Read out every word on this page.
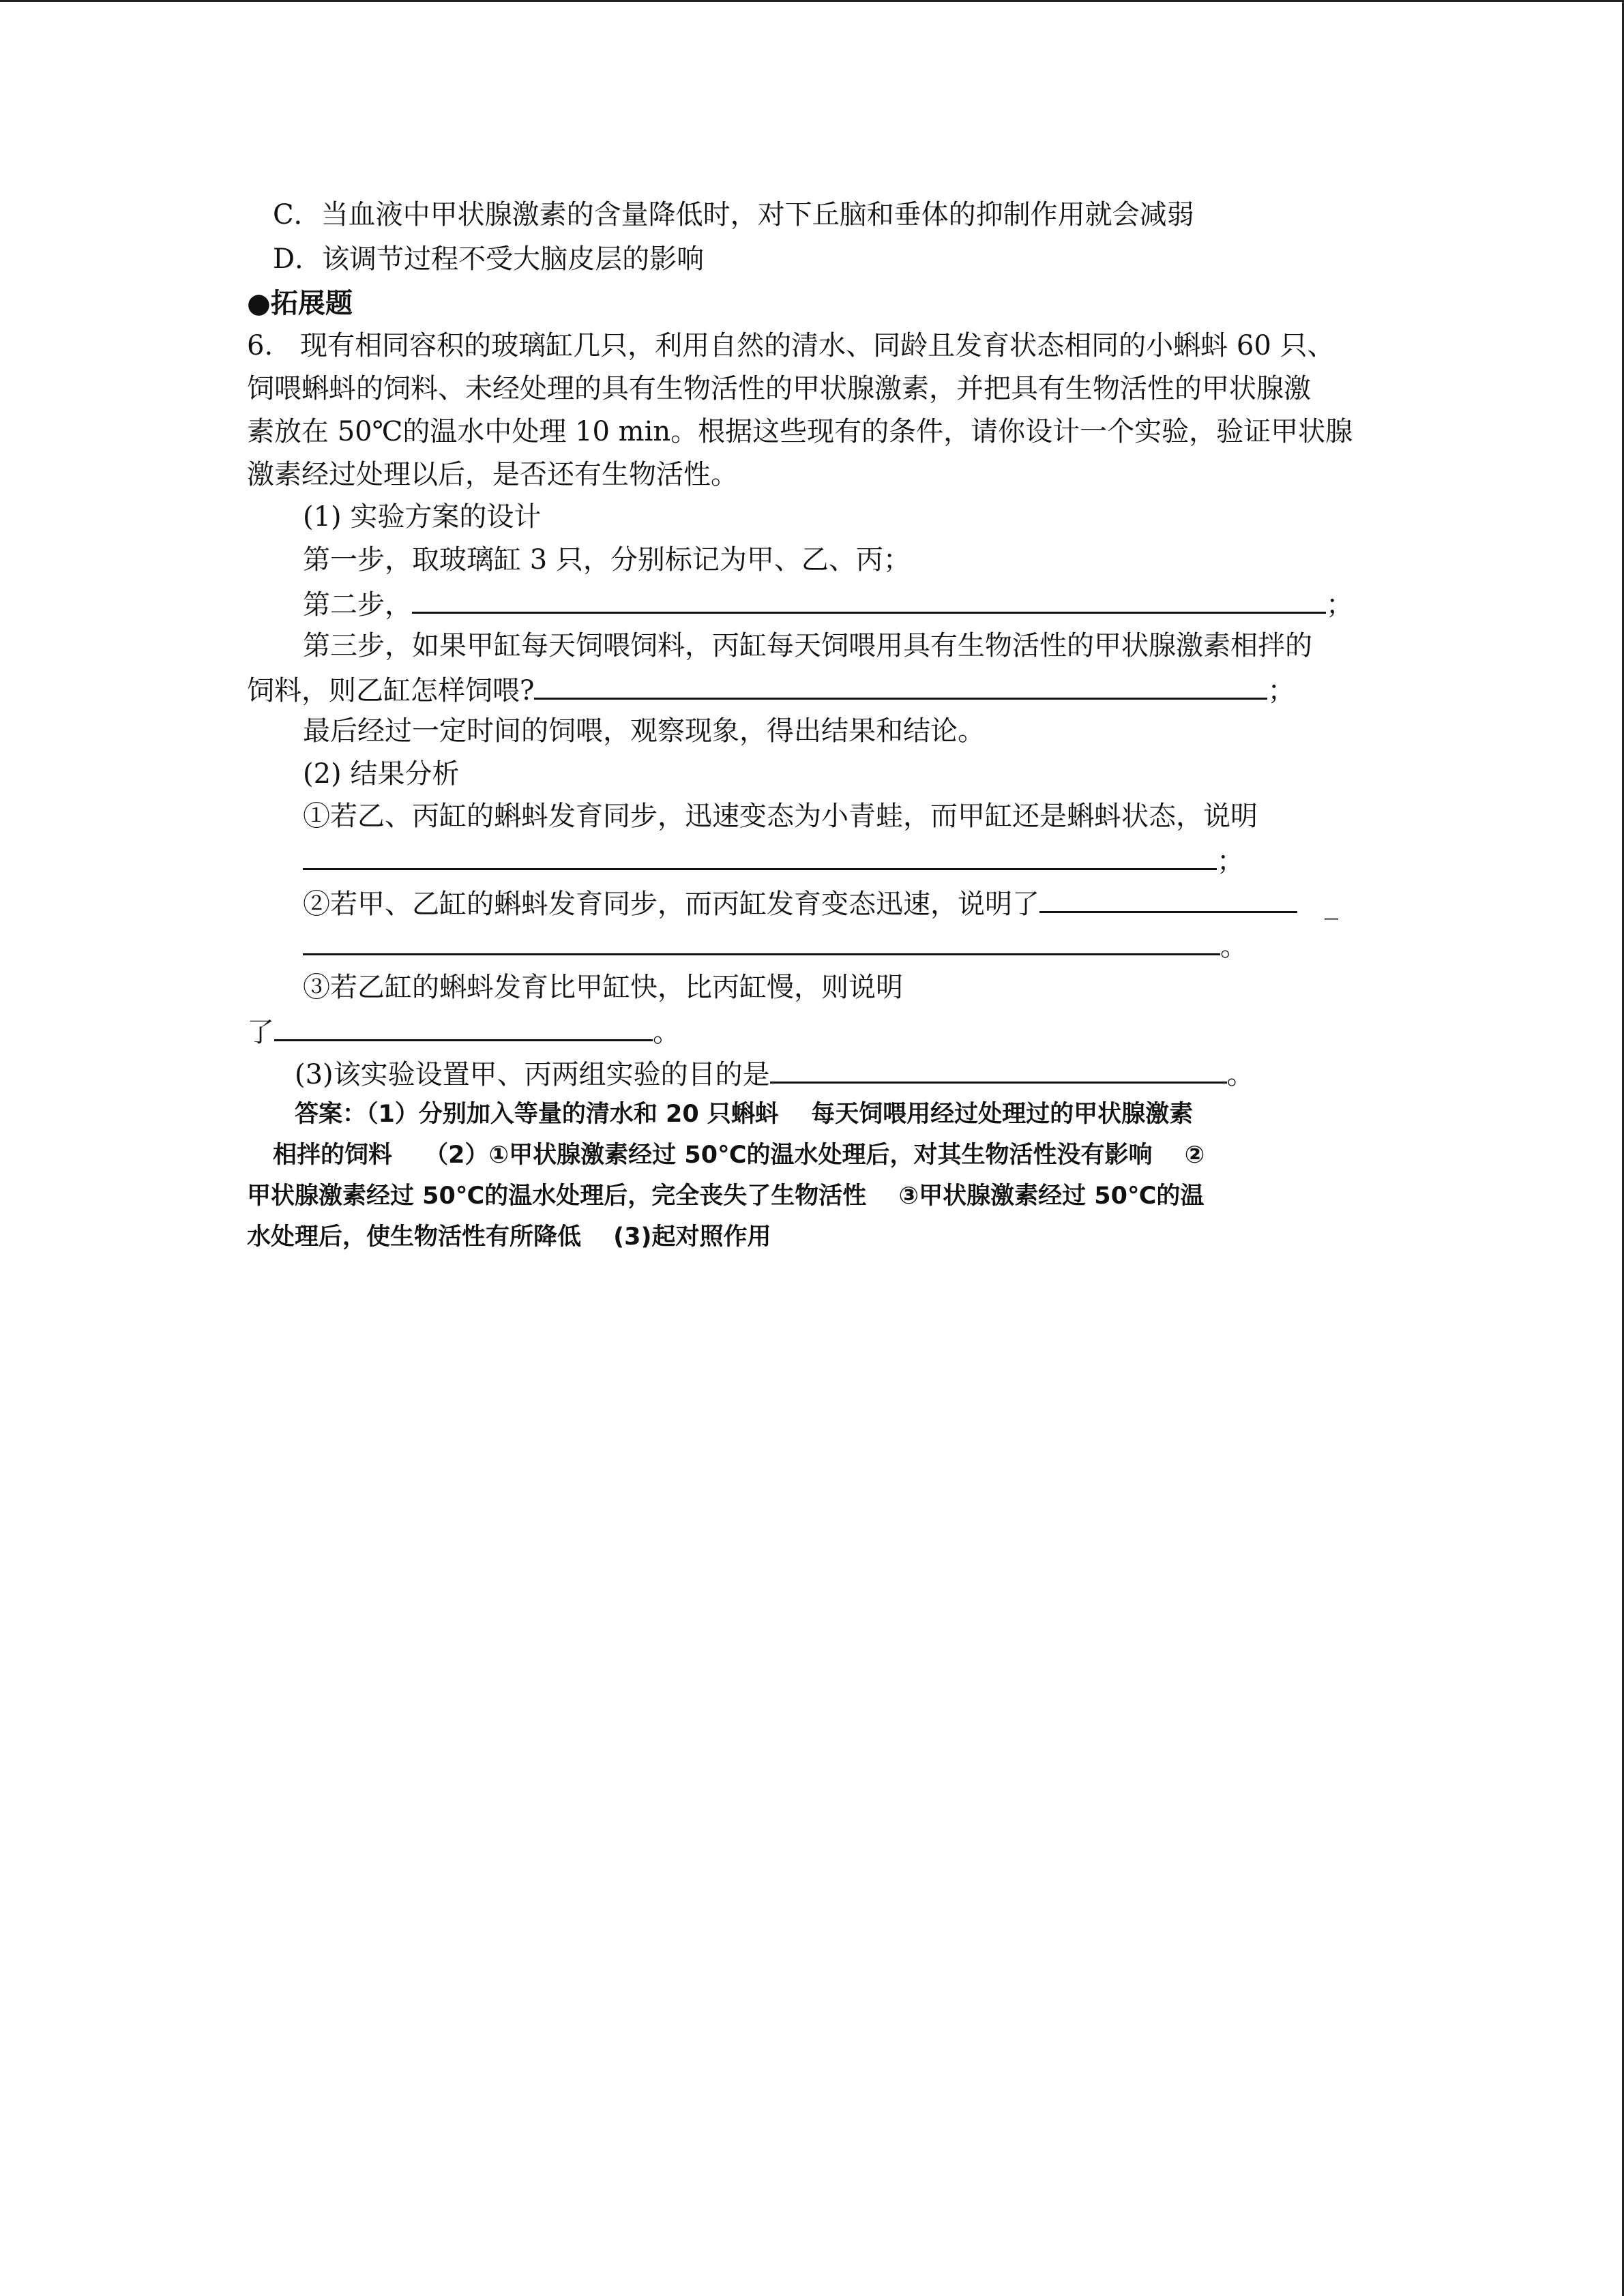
C．当血液中甲状腺激素的含量降低时，对下丘脑和垂体的抑制作用就会减弱
D．该调节过程不受大脑皮层的影响
●拓展题
6.　现有相同容积的玻璃缸几只，利用自然的清水、同龄且发育状态相同的小蝌蚪 60 只、
饲喂蝌蚪的饲料、未经处理的具有生物活性的甲状腺激素，并把具有生物活性的甲状腺激
素放在 50℃的温水中处理 10 min。根据这些现有的条件，请你设计一个实验，验证甲状腺
激素经过处理以后，是否还有生物活性。
(1) 实验方案的设计
第一步，取玻璃缸 3 只，分别标记为甲、乙、丙；
第二步，	；
第三步，如果甲缸每天饲喂饲料，丙缸每天饲喂用具有生物活性的甲状腺激素相拌的
饲料，则乙缸怎样饲喂?	；
最后经过一定时间的饲喂，观察现象，得出结果和结论。
(2) 结果分析
①若乙、丙缸的蝌蚪发育同步，迅速变态为小青蛙，而甲缸还是蝌蚪状态，说明
；
②若甲、乙缸的蝌蚪发育同步，而丙缸发育变态迅速，说明了	_
。
③若乙缸的蝌蚪发育比甲缸快，比丙缸慢，则说明
了	。
(3)该实验设置甲、丙两组实验的目的是	。
答案：（1）分别加入等量的清水和 20 只蝌蚪　 每天饲喂用经过处理过的甲状腺激素
相拌的饲料　 （2）①甲状腺激素经过 50℃的温水处理后，对其生物活性没有影响　 ②
甲状腺激素经过 50℃的温水处理后，完全丧失了生物活性　 ③甲状腺激素经过 50℃的温
水处理后，使生物活性有所降低　 (3)起对照作用
